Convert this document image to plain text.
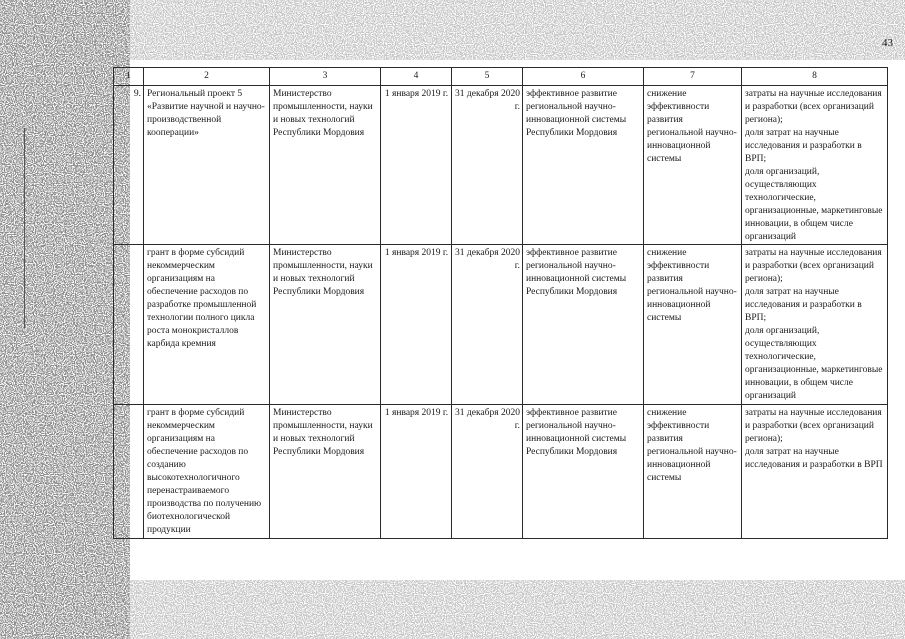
43
1	2	3	4	5	6	7	8
9.	Региональный проект 5 «Развитие научной и научно-производственной кооперации»	Министерство промышленности, науки и новых технологий Республики Мордовия	1 января 2019 г.	31 декабря 2020 г.	эффективное развитие региональной научно-инновационной системы Республики Мордовия	снижение эффективности развития региональной научно-инновационной системы	затраты на научные исследования и разработки (всех организаций региона);
доля затрат на научные исследования и разработки в ВРП;
доля организаций, осуществляющих технологические, организационные, маркетинговые инновации, в общем числе организаций
	грант в форме субсидий некоммерческим организациям на обеспечение расходов по разработке промышленной технологии полного цикла роста монокристаллов карбида кремния	Министерство промышленности, науки и новых технологий Республики Мордовия	1 января 2019 г.	31 декабря 2020 г.	эффективное развитие региональной научно-инновационной системы Республики Мордовия	снижение эффективности развития региональной научно-инновационной системы	затраты на научные исследования и разработки (всех организаций региона);
доля затрат на научные исследования и разработки в ВРП;
доля организаций, осуществляющих технологические, организационные, маркетинговые инновации, в общем числе организаций
	грант в форме субсидий некоммерческим организациям на обеспечение расходов по созданию высокотехнологичного перенастраиваемого производства по получению биотехнологической продукции	Министерство промышленности, науки и новых технологий Республики Мордовия	1 января 2019 г.	31 декабря 2020 г.	эффективное развитие региональной научно-инновационной системы Республики Мордовия	снижение эффективности развития региональной научно-инновационной системы	затраты на научные исследования и разработки (всех организаций региона);
доля затрат на научные исследования и разработки в ВРП
